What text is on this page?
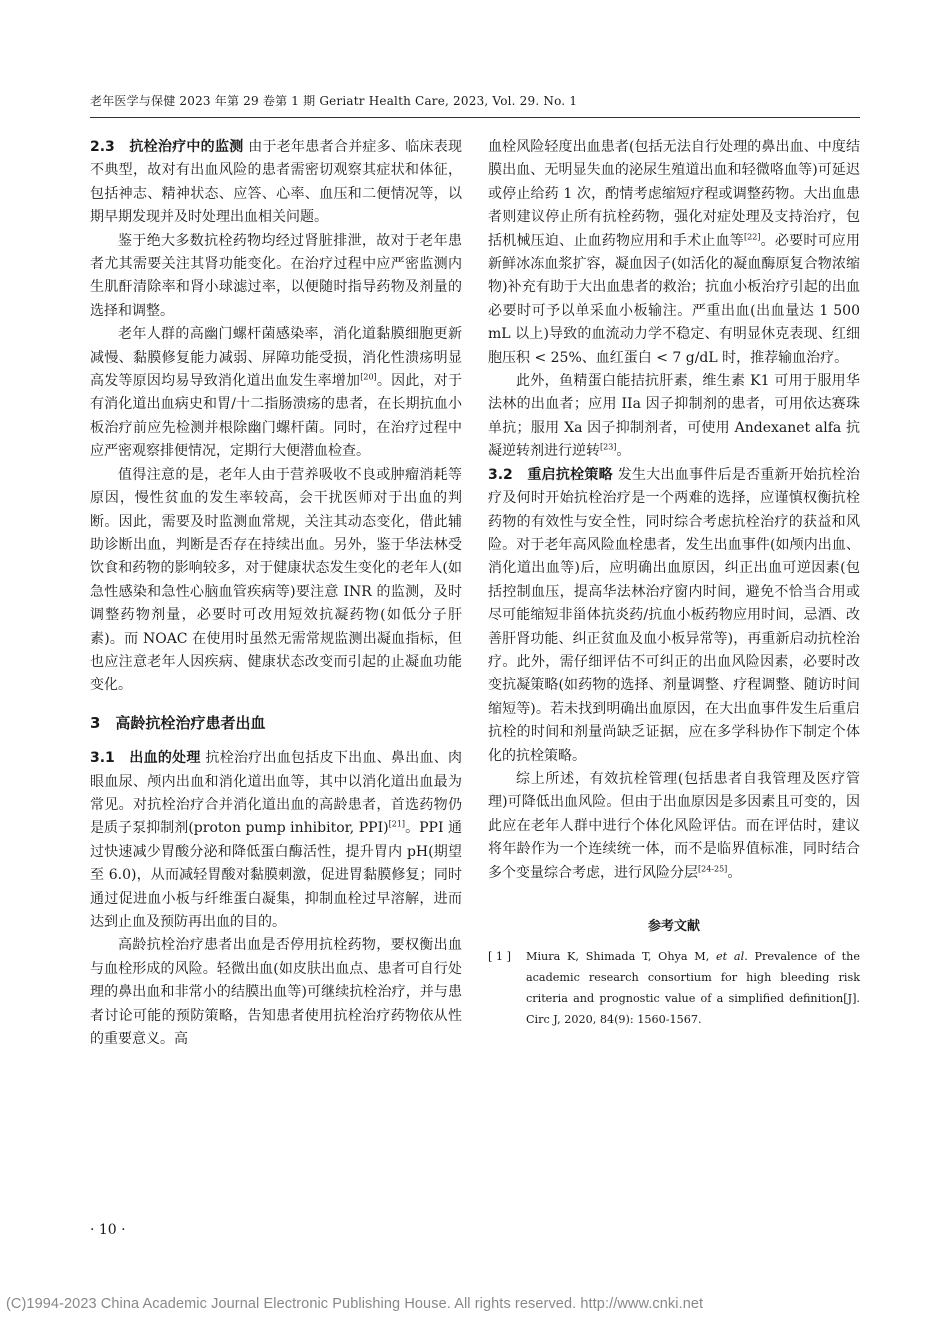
老年医学与保健 2023 年第 29 卷第 1 期 Geriatr Health Care, 2023, Vol. 29. No. 1

2.3　抗栓治疗中的监测 由于老年患者合并症多、临床表现不典型，故对有出血风险的患者需密切观察其症状和体征，包括神志、精神状态、应答、心率、血压和二便情况等，以期早期发现并及时处理出血相关问题。

鉴于绝大多数抗栓药物均经过肾脏排泄，故对于老年患者尤其需要关注其肾功能变化。在治疗过程中应严密监测内生肌酐清除率和肾小球滤过率，以便随时指导药物及剂量的选择和调整。

老年人群的高幽门螺杆菌感染率，消化道黏膜细胞更新减慢、黏膜修复能力减弱、屏障功能受损，消化性溃疡明显高发等原因均易导致消化道出血发生率增加[20]。因此，对于有消化道出血病史和胃/十二指肠溃疡的患者，在长期抗血小板治疗前应先检测并根除幽门螺杆菌。同时，在治疗过程中应严密观察排便情况，定期行大便潜血检查。

值得注意的是，老年人由于营养吸收不良或肿瘤消耗等原因，慢性贫血的发生率较高，会干扰医师对于出血的判断。因此，需要及时监测血常规，关注其动态变化，借此辅助诊断出血，判断是否存在持续出血。另外，鉴于华法林受饮食和药物的影响较多，对于健康状态发生变化的老年人(如急性感染和急性心脑血管疾病等)要注意 INR 的监测，及时调整药物剂量，必要时可改用短效抗凝药物(如低分子肝素)。而 NOAC 在使用时虽然无需常规监测出凝血指标，但也应注意老年人因疾病、健康状态改变而引起的止凝血功能变化。

3　高龄抗栓治疗患者出血

3.1　出血的处理 抗栓治疗出血包括皮下出血、鼻出血、肉眼血尿、颅内出血和消化道出血等，其中以消化道出血最为常见。对抗栓治疗合并消化道出血的高龄患者，首选药物仍是质子泵抑制剂(proton pump inhibitor, PPI)[21]。PPI 通过快速减少胃酸分泌和降低蛋白酶活性，提升胃内 pH(期望至 6.0)，从而减轻胃酸对黏膜刺激，促进胃黏膜修复；同时通过促进血小板与纤维蛋白凝集，抑制血栓过早溶解，进而达到止血及预防再出血的目的。

高龄抗栓治疗患者出血是否停用抗栓药物，要权衡出血与血栓形成的风险。轻微出血(如皮肤出血点、患者可自行处理的鼻出血和非常小的结膜出血等)可继续抗栓治疗，并与患者讨论可能的预防策略，告知患者使用抗栓治疗药物依从性的重要意义。高

血栓风险轻度出血患者(包括无法自行处理的鼻出血、中度结膜出血、无明显失血的泌尿生殖道出血和轻微咯血等)可延迟或停止给药 1 次，酌情考虑缩短疗程或调整药物。大出血患者则建议停止所有抗栓药物，强化对症处理及支持治疗，包括机械压迫、止血药物应用和手术止血等[22]。必要时可应用新鲜冰冻血浆扩容，凝血因子(如活化的凝血酶原复合物浓缩物)补充有助于大出血患者的救治；抗血小板治疗引起的出血必要时可予以单采血小板输注。严重出血(出血量达 1 500 mL 以上)导致的血流动力学不稳定、有明显休克表现、红细胞压积 < 25%、血红蛋白 < 7 g/dL 时，推荐输血治疗。

此外，鱼精蛋白能拮抗肝素，维生素 K1 可用于服用华法林的出血者；应用 IIa 因子抑制剂的患者，可用依达赛珠单抗；服用 Xa 因子抑制剂者，可使用 Andexanet alfa 抗凝逆转剂进行逆转[23]。

3.2　重启抗栓策略 发生大出血事件后是否重新开始抗栓治疗及何时开始抗栓治疗是一个两难的选择，应谨慎权衡抗栓药物的有效性与安全性，同时综合考虑抗栓治疗的获益和风险。对于老年高风险血栓患者，发生出血事件(如颅内出血、消化道出血等)后，应明确出血原因，纠正出血可逆因素(包括控制血压，提高华法林治疗窗内时间，避免不恰当合用或尽可能缩短非甾体抗炎药/抗血小板药物应用时间，忌酒、改善肝肾功能、纠正贫血及血小板异常等)，再重新启动抗栓治疗。此外，需仔细评估不可纠正的出血风险因素，必要时改变抗凝策略(如药物的选择、剂量调整、疗程调整、随访时间缩短等)。若未找到明确出血原因，在大出血事件发生后重启抗栓的时间和剂量尚缺乏证据，应在多学科协作下制定个体化的抗栓策略。

综上所述，有效抗栓管理(包括患者自我管理及医疗管理)可降低出血风险。但由于出血原因是多因素且可变的，因此应在老年人群中进行个体化风险评估。而在评估时，建议将年龄作为一个连续统一体，而不是临界值标准，同时结合多个变量综合考虑，进行风险分层[24-25]。

参考文献
[ 1 ]	Miura K, Shimada T, Ohya M, et al. Prevalence of the academic research consortium for high bleeding risk criteria and prognostic value of a simplified definition[J]. Circ J, 2020, 84(9): 1560-1567.
· 10 ·
(C)1994-2023 China Academic Journal Electronic Publishing House. All rights reserved. http://www.cnki.net
